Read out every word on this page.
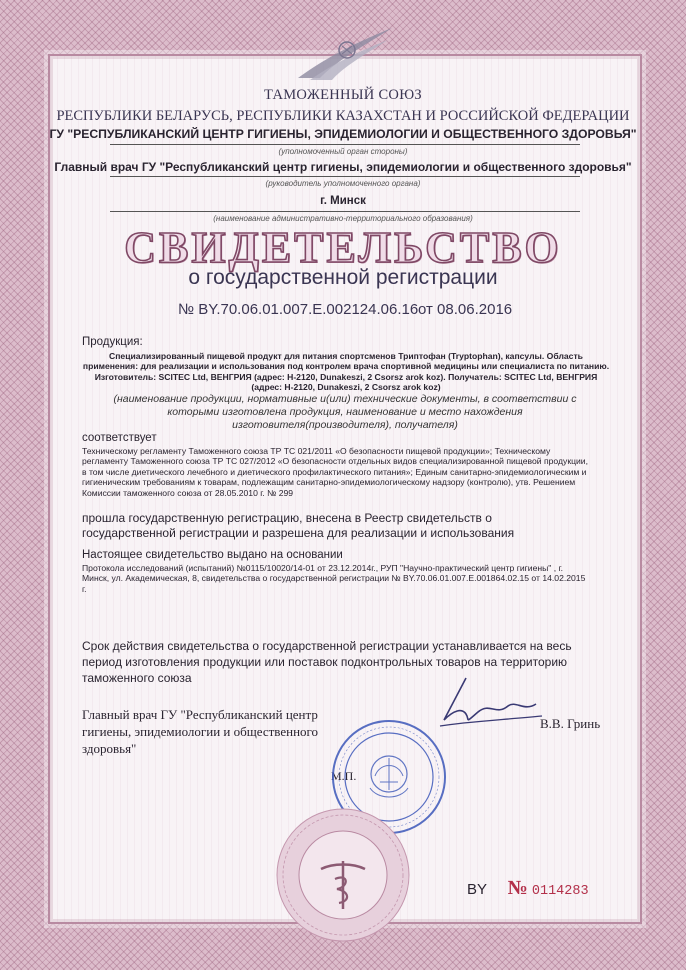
ТАМОЖЕННЫЙ СОЮЗ
РЕСПУБЛИКИ БЕЛАРУСЬ, РЕСПУБЛИКИ КАЗАХСТАН И РОССИЙСКОЙ ФЕДЕРАЦИИ
ГУ "РЕСПУБЛИКАНСКИЙ ЦЕНТР ГИГИЕНЫ, ЭПИДЕМИОЛОГИИ И ОБЩЕСТВЕННОГО ЗДОРОВЬЯ"
(уполномоченный орган стороны)
Главный врач ГУ "Республиканский центр гигиены, эпидемиологии и общественного здоровья"
(руководитель уполномоченного органа)
г. Минск
(наименование административно-территориального образования)
СВИДЕТЕЛЬСТВО
о государственной регистрации
№ BY.70.06.01.007.Е.002124.06.16 от 08.06.2016
Продукция:
Специализированный пищевой продукт для питания спортсменов Триптофан (Tryptophan), капсулы. Область применения: для реализации и использования под контролем врача спортивной медицины или специалиста по питанию. Изготовитель: SCITEC Ltd, ВЕНГРИЯ (адрес: H-2120, Dunakeszi, 2 Csorsz arok koz). Получатель: SCITEC Ltd, ВЕНГРИЯ (адрес: H-2120, Dunakeszi, 2 Csorsz arok koz)
(наименование продукции, нормативные и(или) технические документы, в соответствии с которыми изготовлена продукция, наименование и место нахождения изготовителя(производителя), получателя)
соответствует
Техническому регламенту Таможенного союза ТР ТС 021/2011 «О безопасности пищевой продукции»; Техническому регламенту Таможенного союза ТР ТС 027/2012 «О безопасности отдельных видов специализированной пищевой продукции, в том числе диетического лечебного и диетического профилактического питания»; Единым санитарно-эпидемиологическим и гигиеническим требованиям к товарам, подлежащим санитарно-эпидемиологическому надзору (контролю), утв. Решением Комиссии таможенного союза от 28.05.2010 г. № 299
прошла государственную регистрацию, внесена в Реестр свидетельств о государственной регистрации и разрешена для реализации и использования
Настоящее свидетельство выдано на основании
Протокола исследований (испытаний) №0115/10020/14-01 от 23.12.2014г., РУП "Научно-практический центр гигиены" , г. Минск, ул. Академическая, 8, свидетельства о государственной регистрации № BY.70.06.01.007.Е.001864.02.15 от 14.02.2015 г.
Срок действия свидетельства о государственной регистрации устанавливается на весь период изготовления продукции или поставок подконтрольных товаров на территорию таможенного союза
Главный врач ГУ "Республиканский центр гигиены, эпидемиологии и общественного здоровья"
В.В. Гринь
М.П.
BY № 0114283
